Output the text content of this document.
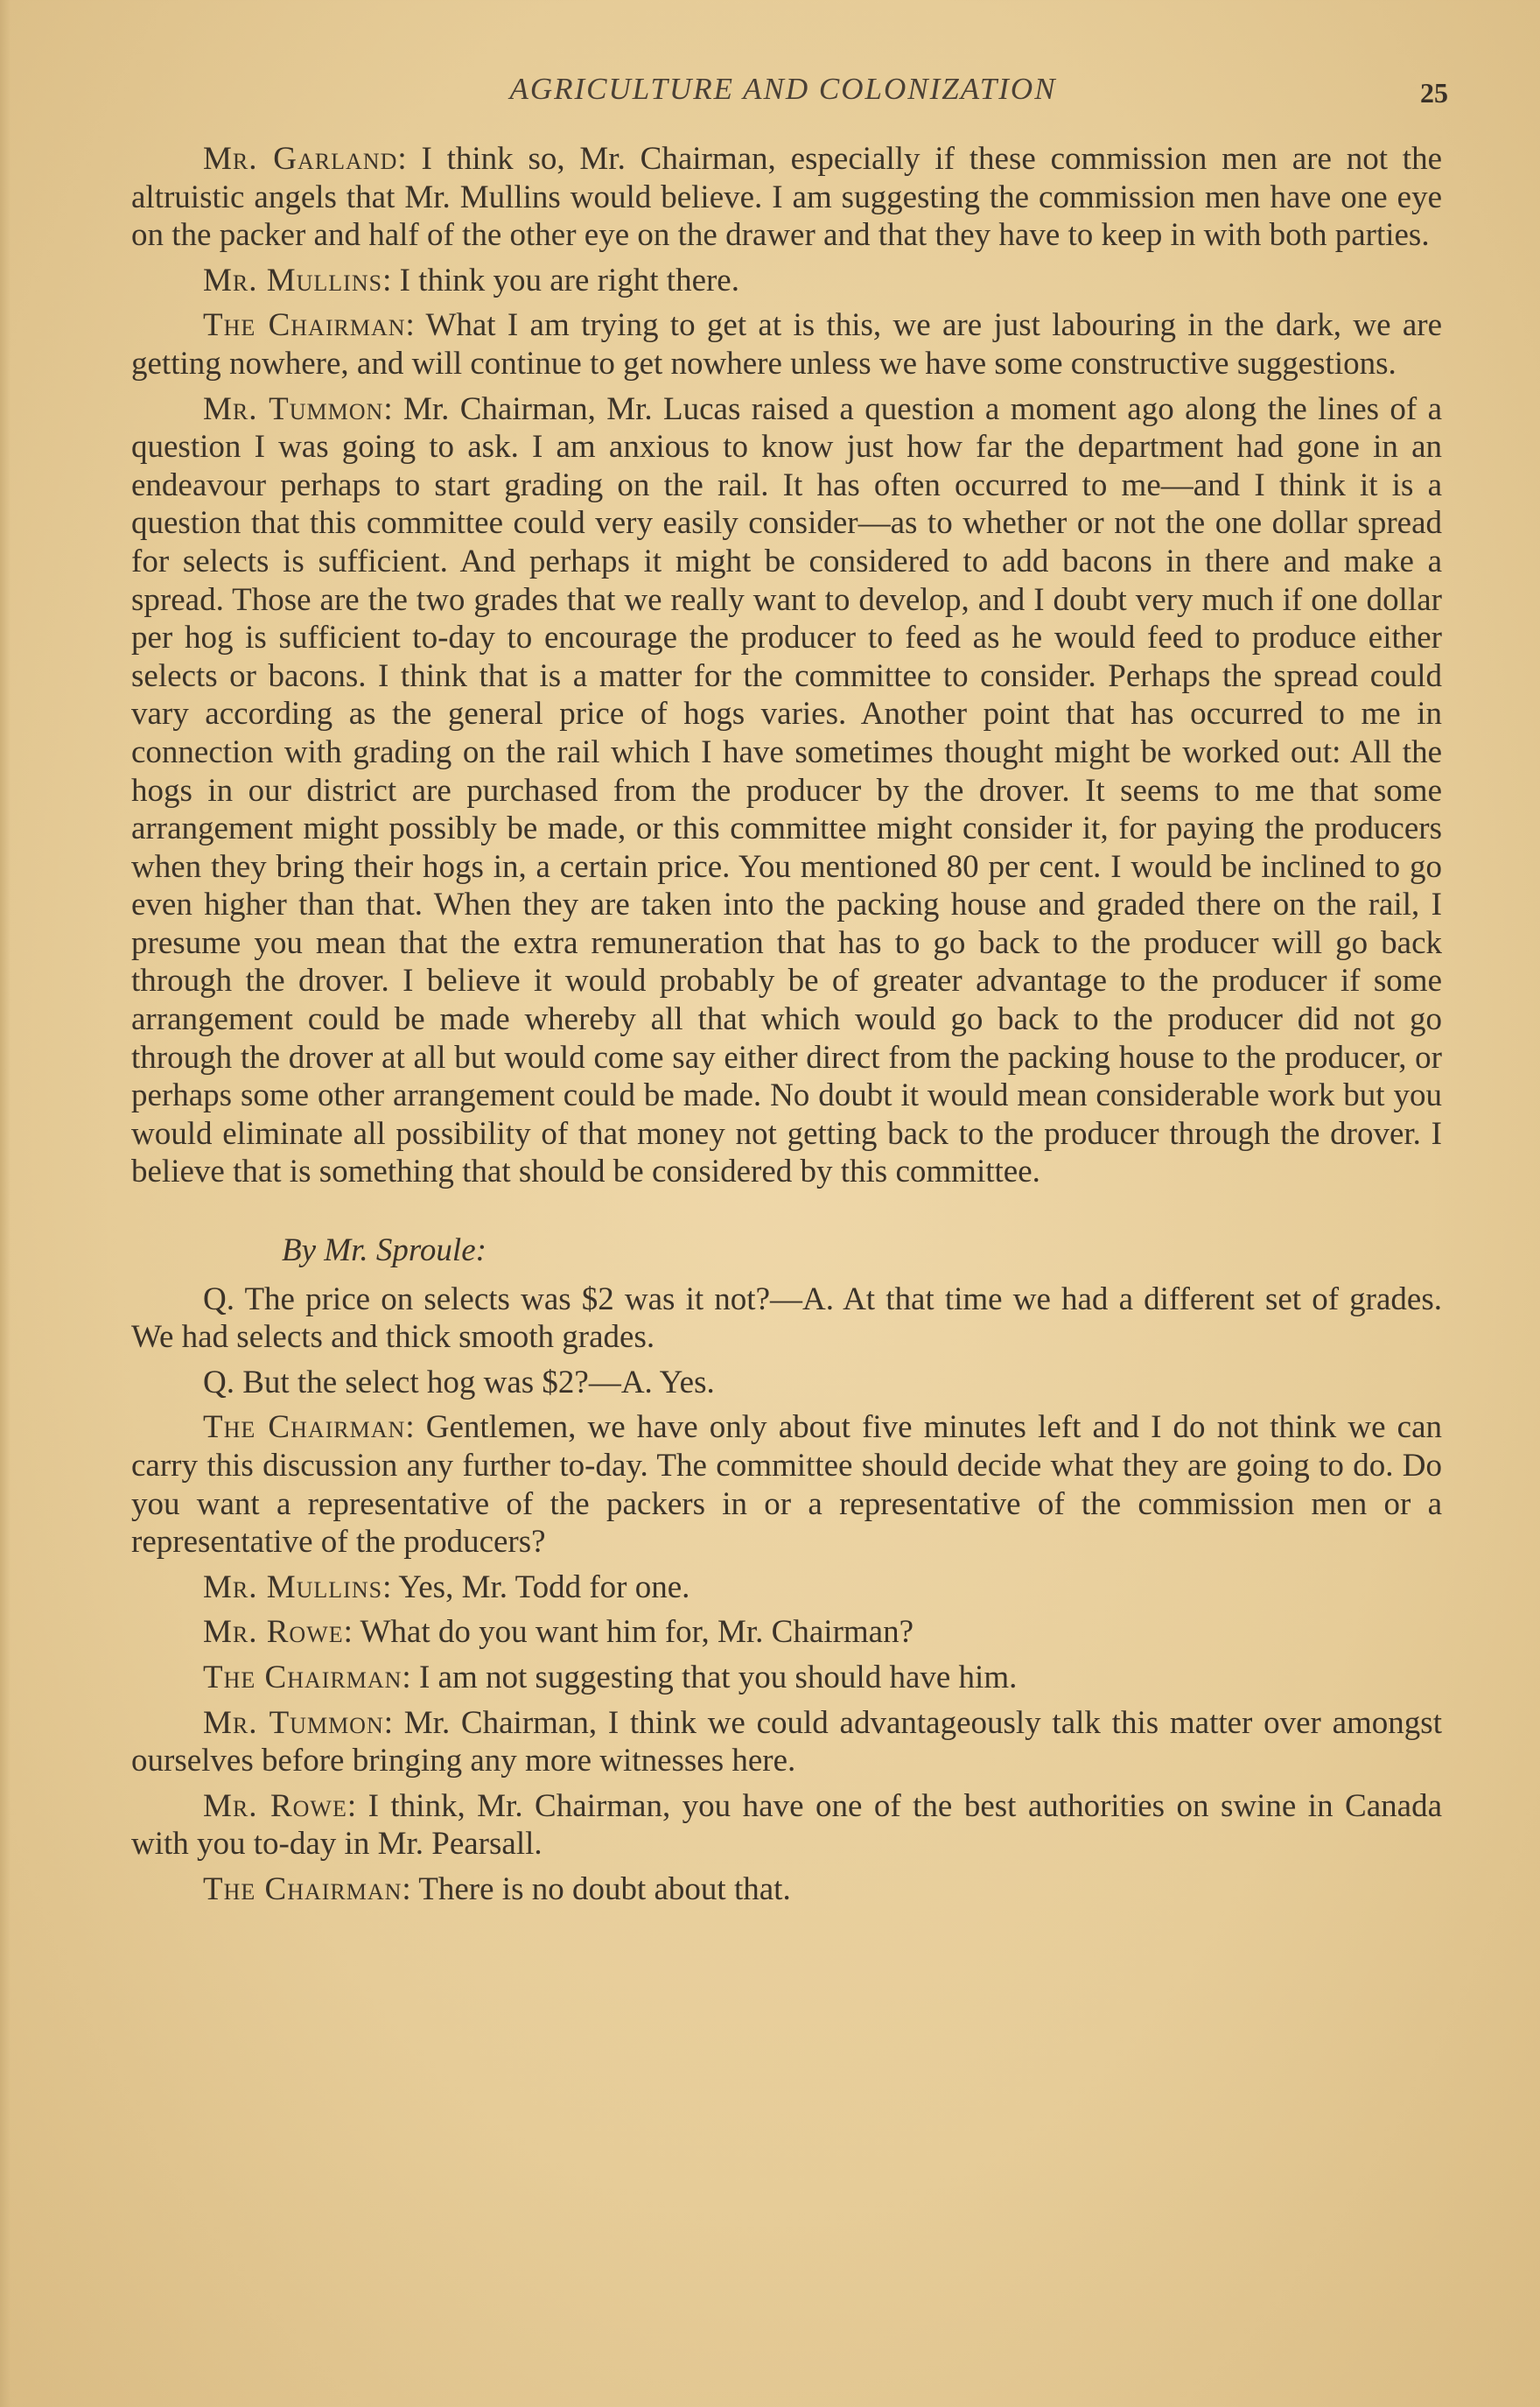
AGRICULTURE AND COLONIZATION	25

Mr. Garland: I think so, Mr. Chairman, especially if these commission men are not the altruistic angels that Mr. Mullins would believe. I am suggesting the commission men have one eye on the packer and half of the other eye on the drawer and that they have to keep in with both parties.

Mr. Mullins: I think you are right there.

The Chairman: What I am trying to get at is this, we are just labouring in the dark, we are getting nowhere, and will continue to get nowhere unless we have some constructive suggestions.

Mr. Tummon: Mr. Chairman, Mr. Lucas raised a question a moment ago along the lines of a question I was going to ask. I am anxious to know just how far the department had gone in an endeavour perhaps to start grading on the rail. It has often occurred to me—and I think it is a question that this committee could very easily consider—as to whether or not the one dollar spread for selects is sufficient. And perhaps it might be considered to add bacons in there and make a spread. Those are the two grades that we really want to develop, and I doubt very much if one dollar per hog is sufficient to-day to encourage the producer to feed as he would feed to produce either selects or bacons. I think that is a matter for the committee to consider. Perhaps the spread could vary according as the general price of hogs varies. Another point that has occurred to me in connection with grading on the rail which I have sometimes thought might be worked out: All the hogs in our district are purchased from the producer by the drover. It seems to me that some arrangement might possibly be made, or this committee might consider it, for paying the producers when they bring their hogs in, a certain price. You mentioned 80 per cent. I would be inclined to go even higher than that. When they are taken into the packing house and graded there on the rail, I presume you mean that the extra remuneration that has to go back to the producer will go back through the drover. I believe it would probably be of greater advantage to the producer if some arrangement could be made whereby all that which would go back to the producer did not go through the drover at all but would come say either direct from the packing house to the producer, or perhaps some other arrangement could be made. No doubt it would mean considerable work but you would eliminate all possibility of that money not getting back to the producer through the drover. I believe that is something that should be considered by this committee.

By Mr. Sproule:

Q. The price on selects was $2 was it not?—A. At that time we had a different set of grades. We had selects and thick smooth grades.

Q. But the select hog was $2?—A. Yes.

The Chairman: Gentlemen, we have only about five minutes left and I do not think we can carry this discussion any further to-day. The committee should decide what they are going to do. Do you want a representative of the packers in or a representative of the commission men or a representative of the producers?

Mr. Mullins: Yes, Mr. Todd for one.

Mr. Rowe: What do you want him for, Mr. Chairman?

The Chairman: I am not suggesting that you should have him.

Mr. Tummon: Mr. Chairman, I think we could advantageously talk this matter over amongst ourselves before bringing any more witnesses here.

Mr. Rowe: I think, Mr. Chairman, you have one of the best authorities on swine in Canada with you to-day in Mr. Pearsall.

The Chairman: There is no doubt about that.
